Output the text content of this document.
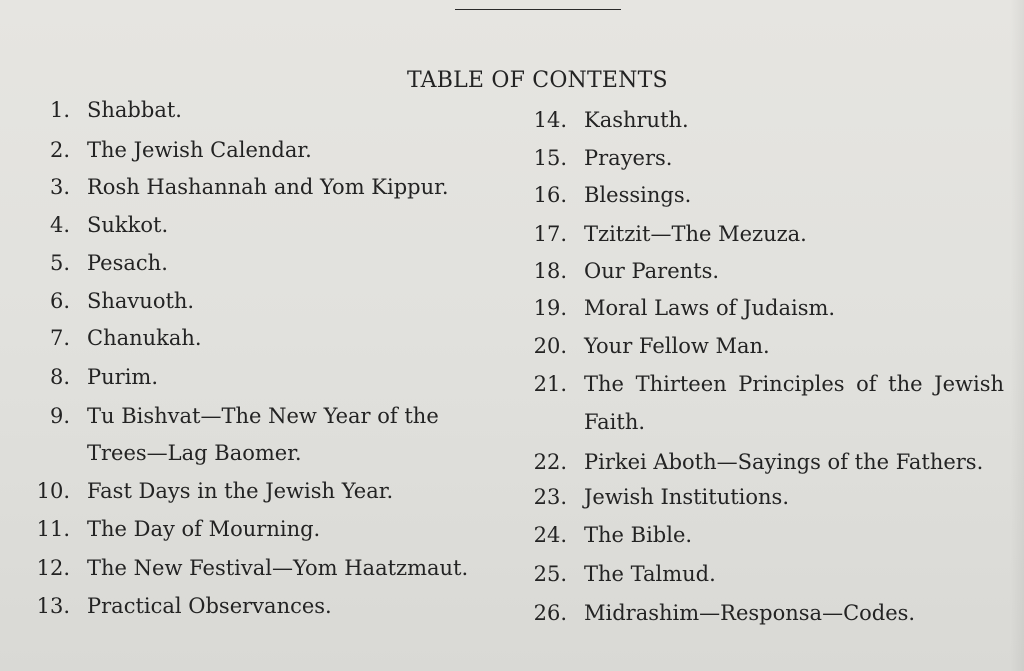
TABLE OF CONTENTS
1. Shabbat.
2. The Jewish Calendar.
3. Rosh Hashannah and Yom Kippur.
4. Sukkot.
5. Pesach.
6. Shavuoth.
7. Chanukah.
8. Purim.
9. Tu Bishvat—The New Year of the
Trees—Lag Baomer.
10. Fast Days in the Jewish Year.
11. The Day of Mourning.
12. The New Festival—Yom Haatzmaut.
13. Practical Observances.
14. Kashruth.
15. Prayers.
16. Blessings.
17. Tzitzit—The Mezuza.
18. Our Parents.
19. Moral Laws of Judaism.
20. Your Fellow Man.
21. The Thirteen Principles of the Jewish
Faith.
22. Pirkei Aboth—Sayings of the Fathers.
23. Jewish Institutions.
24. The Bible.
25. The Talmud.
26. Midrashim—Responsa—Codes.
